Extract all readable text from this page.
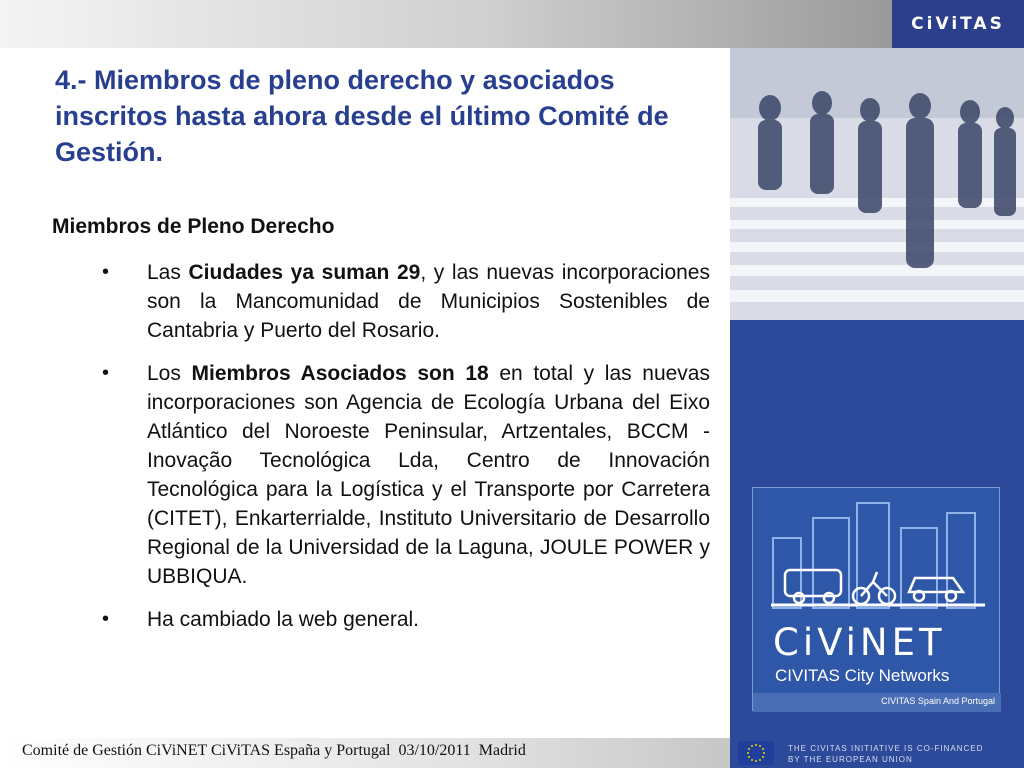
CiViTAS
4.- Miembros de pleno derecho y asociados inscritos hasta ahora desde el último Comité de Gestión.
Miembros de Pleno Derecho
• Las Ciudades ya suman 29, y las nuevas incorporaciones son la Mancomunidad de Municipios Sostenibles de Cantabria y Puerto del Rosario.
• Los Miembros Asociados son 18 en total y las nuevas incorporaciones son Agencia de Ecología Urbana del Eixo Atlántico del Noroeste Peninsular, Artzentales, BCCM - Inovação Tecnológica Lda, Centro de Innovación Tecnológica para la Logística y el Transporte por Carretera (CITET), Enkarterrialde, Instituto Universitario de Desarrollo Regional de la Universidad de la Laguna, JOULE POWER y UBBIQUA.
• Ha cambiado la web general.
CiViNET
CIVITAS City Networks
CIVITAS Spain And Portugal
Comité de Gestión CiViNET CiViTAS España y Portugal  03/10/2011  Madrid	THE CIVITAS INITIATIVE IS CO-FINANCED
BY THE EUROPEAN UNION
